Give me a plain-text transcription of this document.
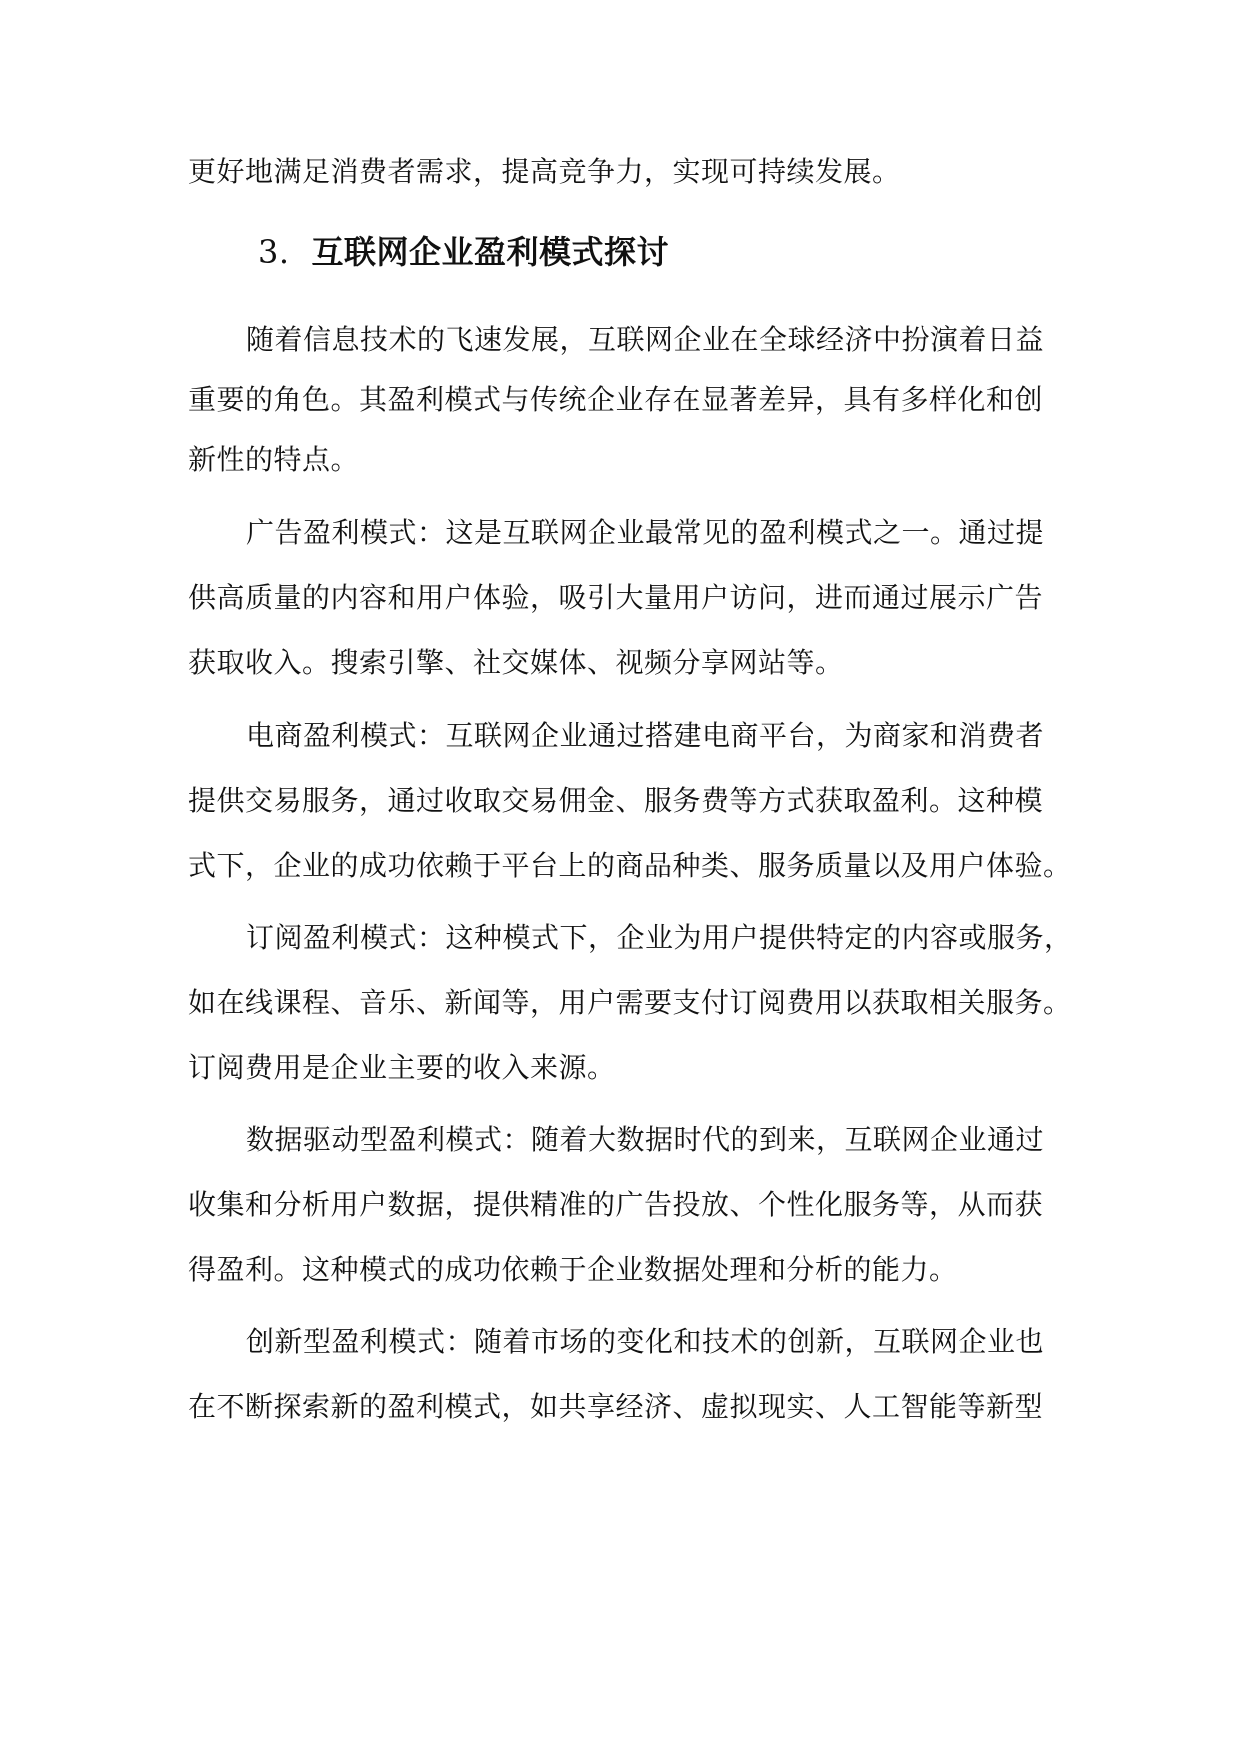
更好地满足消费者需求，提高竞争力，实现可持续发展。
3. 互联网企业盈利模式探讨
随着信息技术的飞速发展，互联网企业在全球经济中扮演着日益
重要的角色。其盈利模式与传统企业存在显著差异，具有多样化和创
新性的特点。
广告盈利模式：这是互联网企业最常见的盈利模式之一。通过提
供高质量的内容和用户体验，吸引大量用户访问，进而通过展示广告
获取收入。搜索引擎、社交媒体、视频分享网站等。
电商盈利模式：互联网企业通过搭建电商平台，为商家和消费者
提供交易服务，通过收取交易佣金、服务费等方式获取盈利。这种模
式下，企业的成功依赖于平台上的商品种类、服务质量以及用户体验。
订阅盈利模式：这种模式下，企业为用户提供特定的内容或服务，
如在线课程、音乐、新闻等，用户需要支付订阅费用以获取相关服务。
订阅费用是企业主要的收入来源。
数据驱动型盈利模式：随着大数据时代的到来，互联网企业通过
收集和分析用户数据，提供精准的广告投放、个性化服务等，从而获
得盈利。这种模式的成功依赖于企业数据处理和分析的能力。
创新型盈利模式：随着市场的变化和技术的创新，互联网企业也
在不断探索新的盈利模式，如共享经济、虚拟现实、人工智能等新型
